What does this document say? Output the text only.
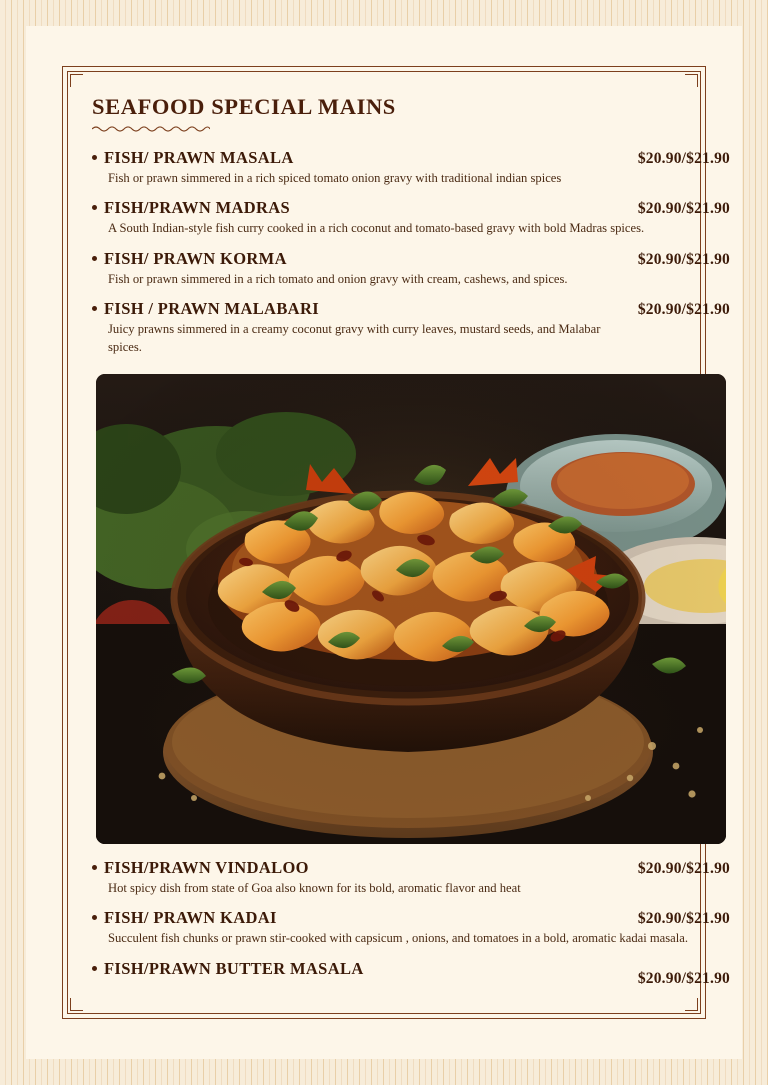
SEAFOOD SPECIAL MAINS
FISH/ PRAWN MASALA	$20.90/$21.90
Fish or prawn simmered in a rich spiced tomato onion gravy with traditional indian spices
FISH/PRAWN MADRAS	$20.90/$21.90
A South Indian-style fish curry cooked in a rich coconut and tomato-based gravy with bold Madras spices.
FISH/ PRAWN KORMA	$20.90/$21.90
Fish or prawn simmered in a rich tomato and onion gravy with cream, cashews, and spices.
FISH / PRAWN MALABARI	$20.90/$21.90
Juicy prawns simmered in a creamy coconut gravy with curry leaves, mustard seeds, and Malabar spices.
FISH/PRAWN VINDALOO	$20.90/$21.90
Hot spicy dish from state of Goa also known for its bold, aromatic flavor and heat
FISH/ PRAWN KADAI	$20.90/$21.90
Succulent fish chunks or prawn stir-cooked with capsicum , onions, and tomatoes in a bold, aromatic kadai masala.
FISH/PRAWN BUTTER MASALA
$20.90/$21.90
